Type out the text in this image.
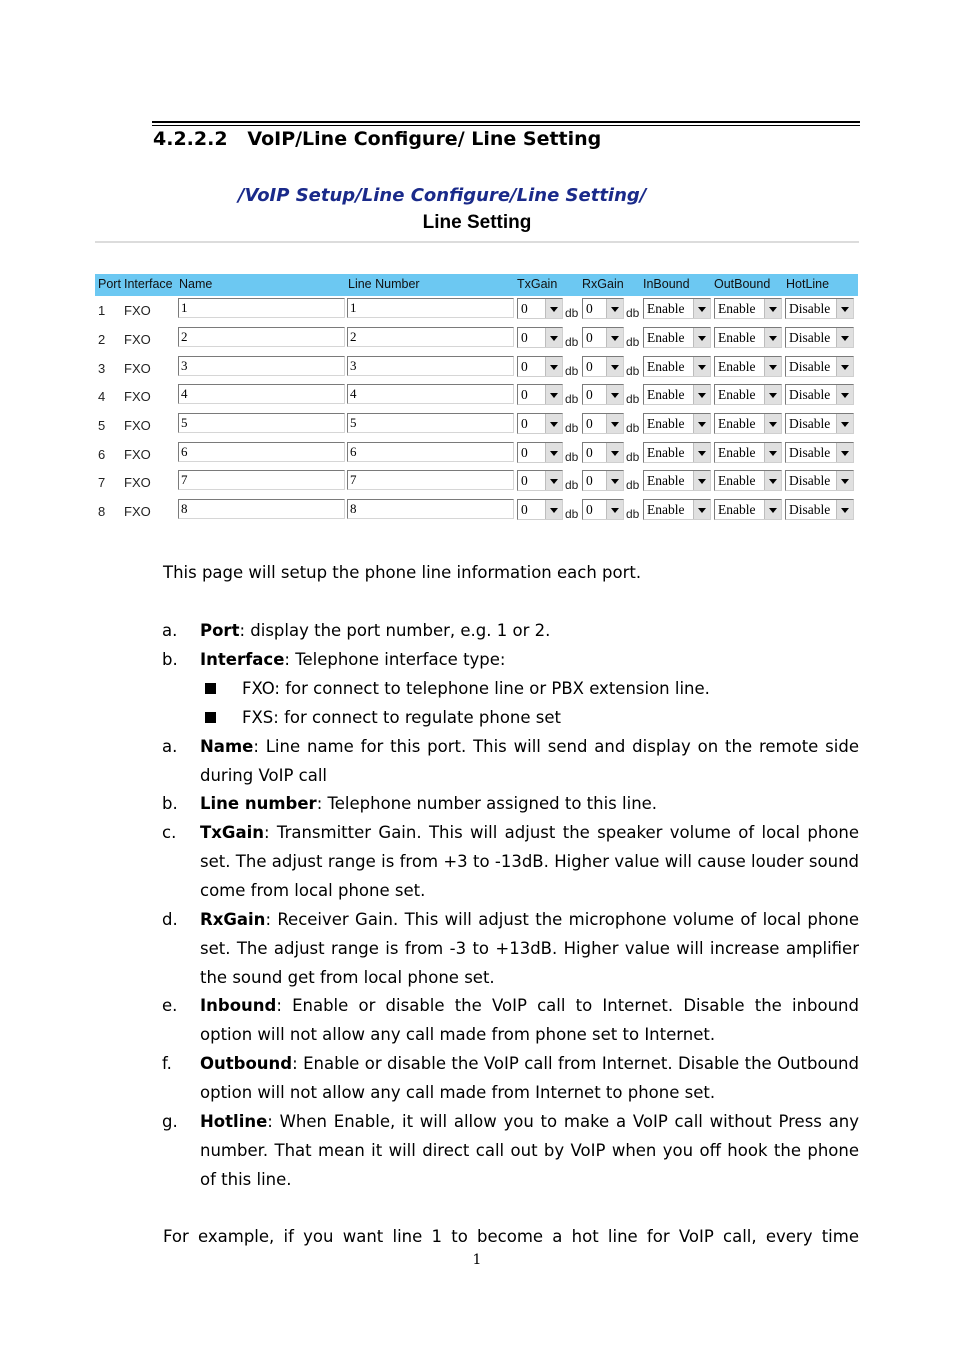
4.2.2.2 VoIP/Line Configure/ Line Setting
/VoIP Setup/Line Configure/Line Setting/
Line Setting
Port Interface Name	Line Number	TxGain RxGain InBound OutBound HotLine
1 FXO 1	1	0	db 0	db Enable Enable Disable
2 FXO 2	2	0	db 0	db Enable Enable Disable
3 FXO 3	3	0	db 0	db Enable Enable Disable
4 FXO 4	4	0	db 0	db Enable Enable Disable
5 FXO 5	5	0	db 0	db Enable Enable Disable
6 FXO 6	6	0	db 0	db Enable Enable Disable
7 FXO 7	7	0	db 0	db Enable Enable Disable
8 FXO 8	8	0	db 0	db Enable Enable Disable
This page will setup the phone line information each port.
a. Port: display the port number, e.g. 1 or 2.
b. Interface: Telephone interface type:
FXO: for connect to telephone line or PBX extension line.
FXS: for connect to regulate phone set
a. Name: Line name for this port. This will send and display on the remote side during VoIP call
b. Line number: Telephone number assigned to this line.
c. TxGain: Transmitter Gain. This will adjust the speaker volume of local phone set. The adjust range is from +3 to -13dB. Higher value will cause louder sound come from local phone set.
d. RxGain: Receiver Gain. This will adjust the microphone volume of local phone set. The adjust range is from -3 to +13dB. Higher value will increase amplifier the sound get from local phone set.
e. Inbound: Enable or disable the VoIP call to Internet. Disable the inbound option will not allow any call made from phone set to Internet.
f. Outbound: Enable or disable the VoIP call from Internet. Disable the Outbound option will not allow any call made from Internet to phone set.
g. Hotline: When Enable, it will allow you to make a VoIP call without Press any number. That mean it will direct call out by VoIP when you off hook the phone of this line.
For example, if you want line 1 to become a hot line for VoIP call, every time
1
